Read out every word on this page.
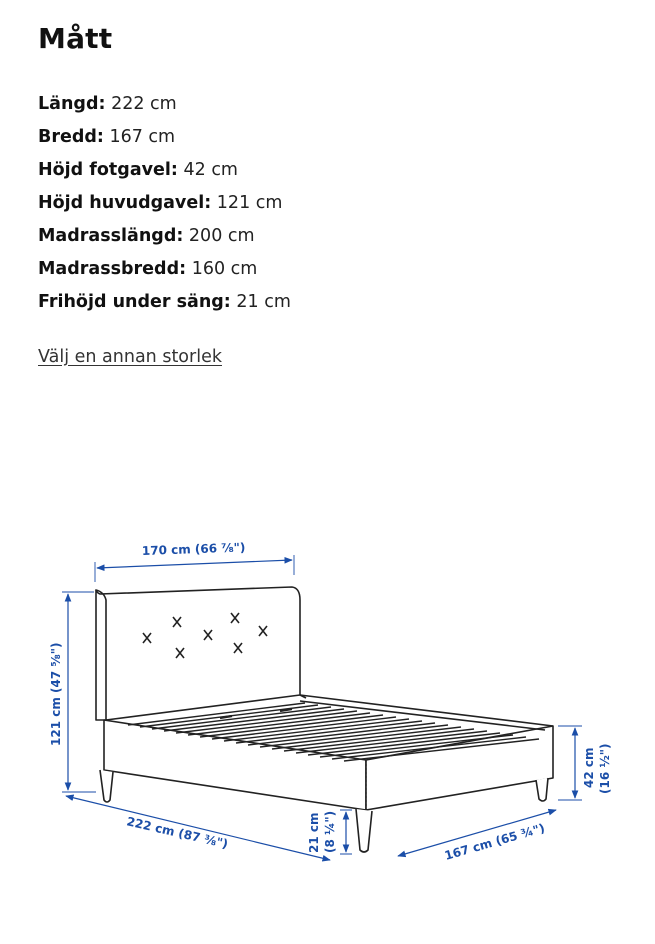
Mått
Längd: 222 cm
Bredd: 167 cm
Höjd fotgavel: 42 cm
Höjd huvudgavel: 121 cm
Madrasslängd: 200 cm
Madrassbredd: 160 cm
Frihöjd under säng: 21 cm
Välj en annan storlek
170 cm (66 ⅞")
121 cm (47 ⅝")
222 cm (87 ⅜")	21 cm (8 ¼")
42 cm (16 ½")
167 cm (65 ¾")
